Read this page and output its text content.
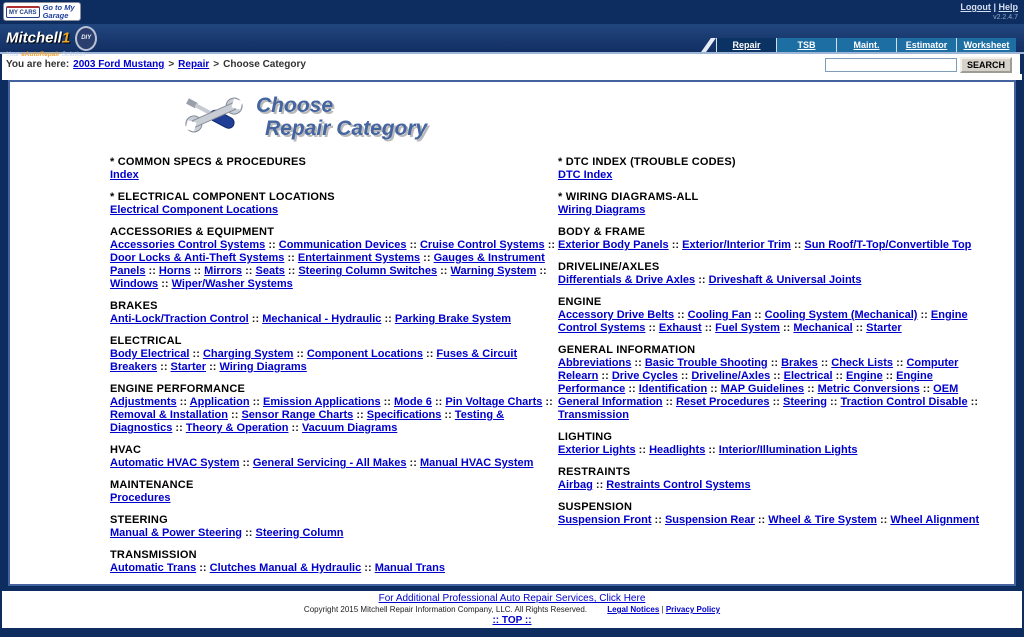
MY CARS
Go to My
Garage
Logout | Help
v2.2.4.7
Mitchell1 DIY
Your eAutoRepair Solution
Repair	TSB	Maint.	Estimator Worksheet
You are here: 2003 Ford Mustang > Repair > Choose Category	SEARCH
Choose
Repair Category
* COMMON SPECS & PROCEDURES
Index
* ELECTRICAL COMPONENT LOCATIONS
Electrical Component Locations
ACCESSORIES & EQUIPMENT
Accessories Control Systems :: Communication Devices :: Cruise Control Systems :: Door Locks & Anti-Theft Systems :: Entertainment Systems :: Gauges & Instrument Panels :: Horns :: Mirrors :: Seats :: Steering Column Switches :: Warning System :: Windows :: Wiper/Washer Systems
BRAKES
Anti-Lock/Traction Control :: Mechanical - Hydraulic :: Parking Brake System
ELECTRICAL
Body Electrical :: Charging System :: Component Locations :: Fuses & Circuit Breakers :: Starter :: Wiring Diagrams
ENGINE PERFORMANCE
Adjustments :: Application :: Emission Applications :: Mode 6 :: Pin Voltage Charts :: Removal & Installation :: Sensor Range Charts :: Specifications :: Testing & Diagnostics :: Theory & Operation :: Vacuum Diagrams
HVAC
Automatic HVAC System :: General Servicing - All Makes :: Manual HVAC System
MAINTENANCE
Procedures
STEERING
Manual & Power Steering :: Steering Column
TRANSMISSION
Automatic Trans :: Clutches Manual & Hydraulic :: Manual Trans
* DTC INDEX (TROUBLE CODES)
DTC Index
* WIRING DIAGRAMS-ALL
Wiring Diagrams
BODY & FRAME
Exterior Body Panels :: Exterior/Interior Trim :: Sun Roof/T-Top/Convertible Top
DRIVELINE/AXLES
Differentials & Drive Axles :: Driveshaft & Universal Joints
ENGINE
Accessory Drive Belts :: Cooling Fan :: Cooling System (Mechanical) :: Engine Control Systems :: Exhaust :: Fuel System :: Mechanical :: Starter
GENERAL INFORMATION
Abbreviations :: Basic Trouble Shooting :: Brakes :: Check Lists :: Computer Relearn :: Drive Cycles :: Driveline/Axles :: Electrical :: Engine :: Engine Performance :: Identification :: MAP Guidelines :: Metric Conversions :: OEM General Information :: Reset Procedures :: Steering :: Traction Control Disable :: Transmission
LIGHTING
Exterior Lights :: Headlights :: Interior/Illumination Lights
RESTRAINTS
Airbag :: Restraints Control Systems
SUSPENSION
Suspension Front :: Suspension Rear :: Wheel & Tire System :: Wheel Alignment
For Additional Professional Auto Repair Services, Click Here
Copyright 2015 Mitchell Repair Information Company, LLC. All Rights Reserved.	Legal Notices | Privacy Policy
:: TOP ::
